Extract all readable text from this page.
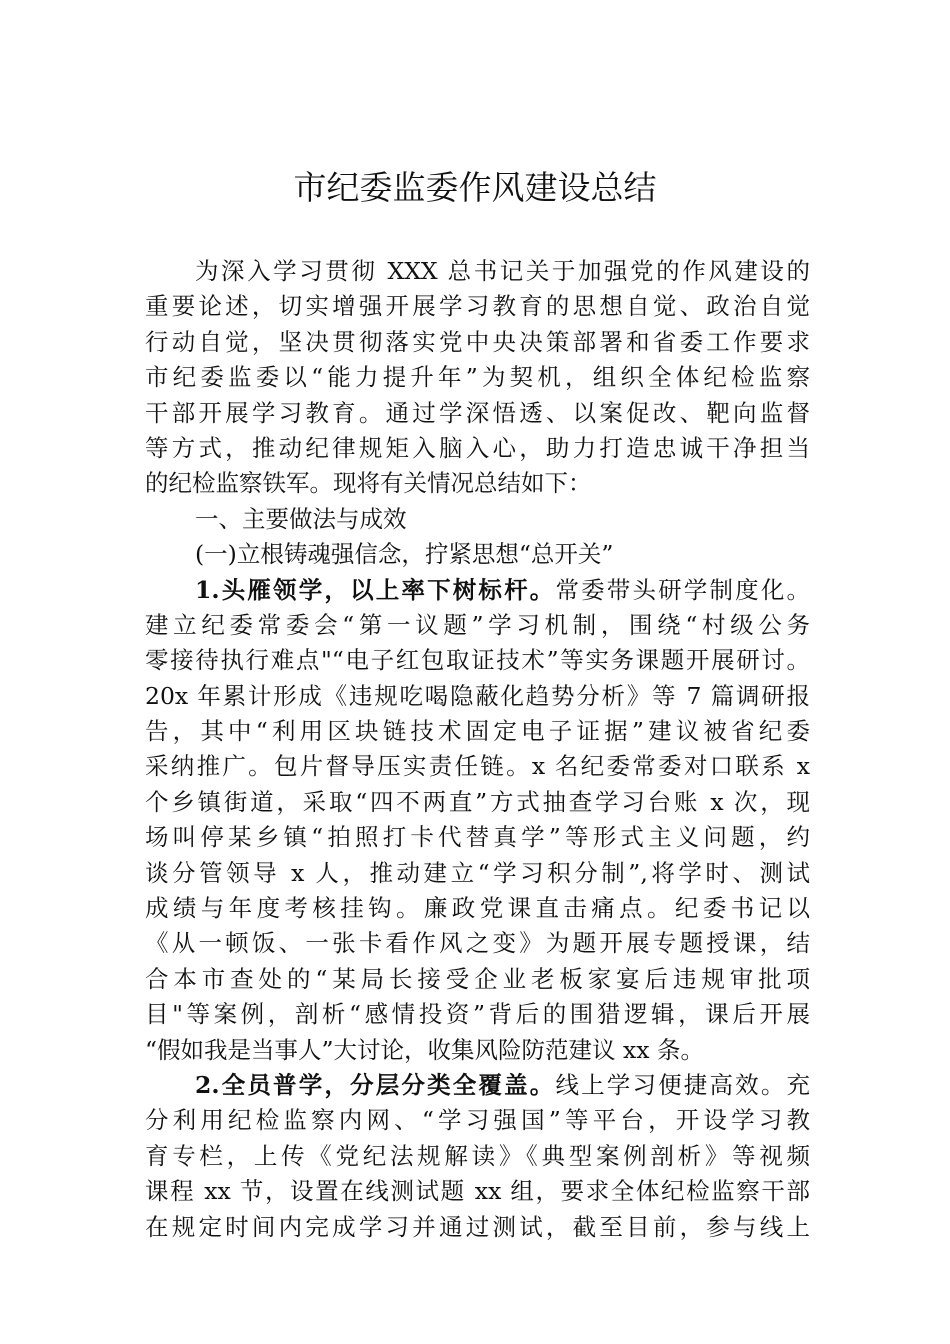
市纪委监委作风建设总结
为深入学习贯彻 XXX 总书记关于加强党的作风建设的
重要论述，切实增强开展学习教育的思想自觉、政治自觉
行动自觉，坚决贯彻落实党中央决策部署和省委工作要求
市纪委监委以“能力提升年”为契机，组织全体纪检监察
干部开展学习教育。通过学深悟透、以案促改、靶向监督
等方式，推动纪律规矩入脑入心，助力打造忠诚干净担当
的纪检监察铁军。现将有关情况总结如下：
一、主要做法与成效
(一)立根铸魂强信念，拧紧思想“总开关”
1.头雁领学，以上率下树标杆。常委带头研学制度化。
建立纪委常委会“第一议题”学习机制，围绕“村级公务
零接待执行难点"“电子红包取证技术”等实务课题开展研讨。
20x 年累计形成《违规吃喝隐蔽化趋势分析》等 7 篇调研报
告，其中“利用区块链技术固定电子证据”建议被省纪委
采纳推广。包片督导压实责任链。x 名纪委常委对口联系 x
个乡镇街道，采取“四不两直”方式抽查学习台账 x 次，现
场叫停某乡镇“拍照打卡代替真学”等形式主义问题，约
谈分管领导 x 人，推动建立“学习积分制”,将学时、测试
成绩与年度考核挂钩。廉政党课直击痛点。纪委书记以
《从一顿饭、一张卡看作风之变》为题开展专题授课，结
合本市查处的“某局长接受企业老板家宴后违规审批项
目"等案例，剖析“感情投资”背后的围猎逻辑，课后开展
“假如我是当事人”大讨论，收集风险防范建议 xx 条。
2.全员普学，分层分类全覆盖。线上学习便捷高效。充
分利用纪检监察内网、“学习强国”等平台，开设学习教
育专栏，上传《党纪法规解读》《典型案例剖析》等视频
课程 xx 节，设置在线测试题 xx 组，要求全体纪检监察干部
在规定时间内完成学习并通过测试，截至目前，参与线上
